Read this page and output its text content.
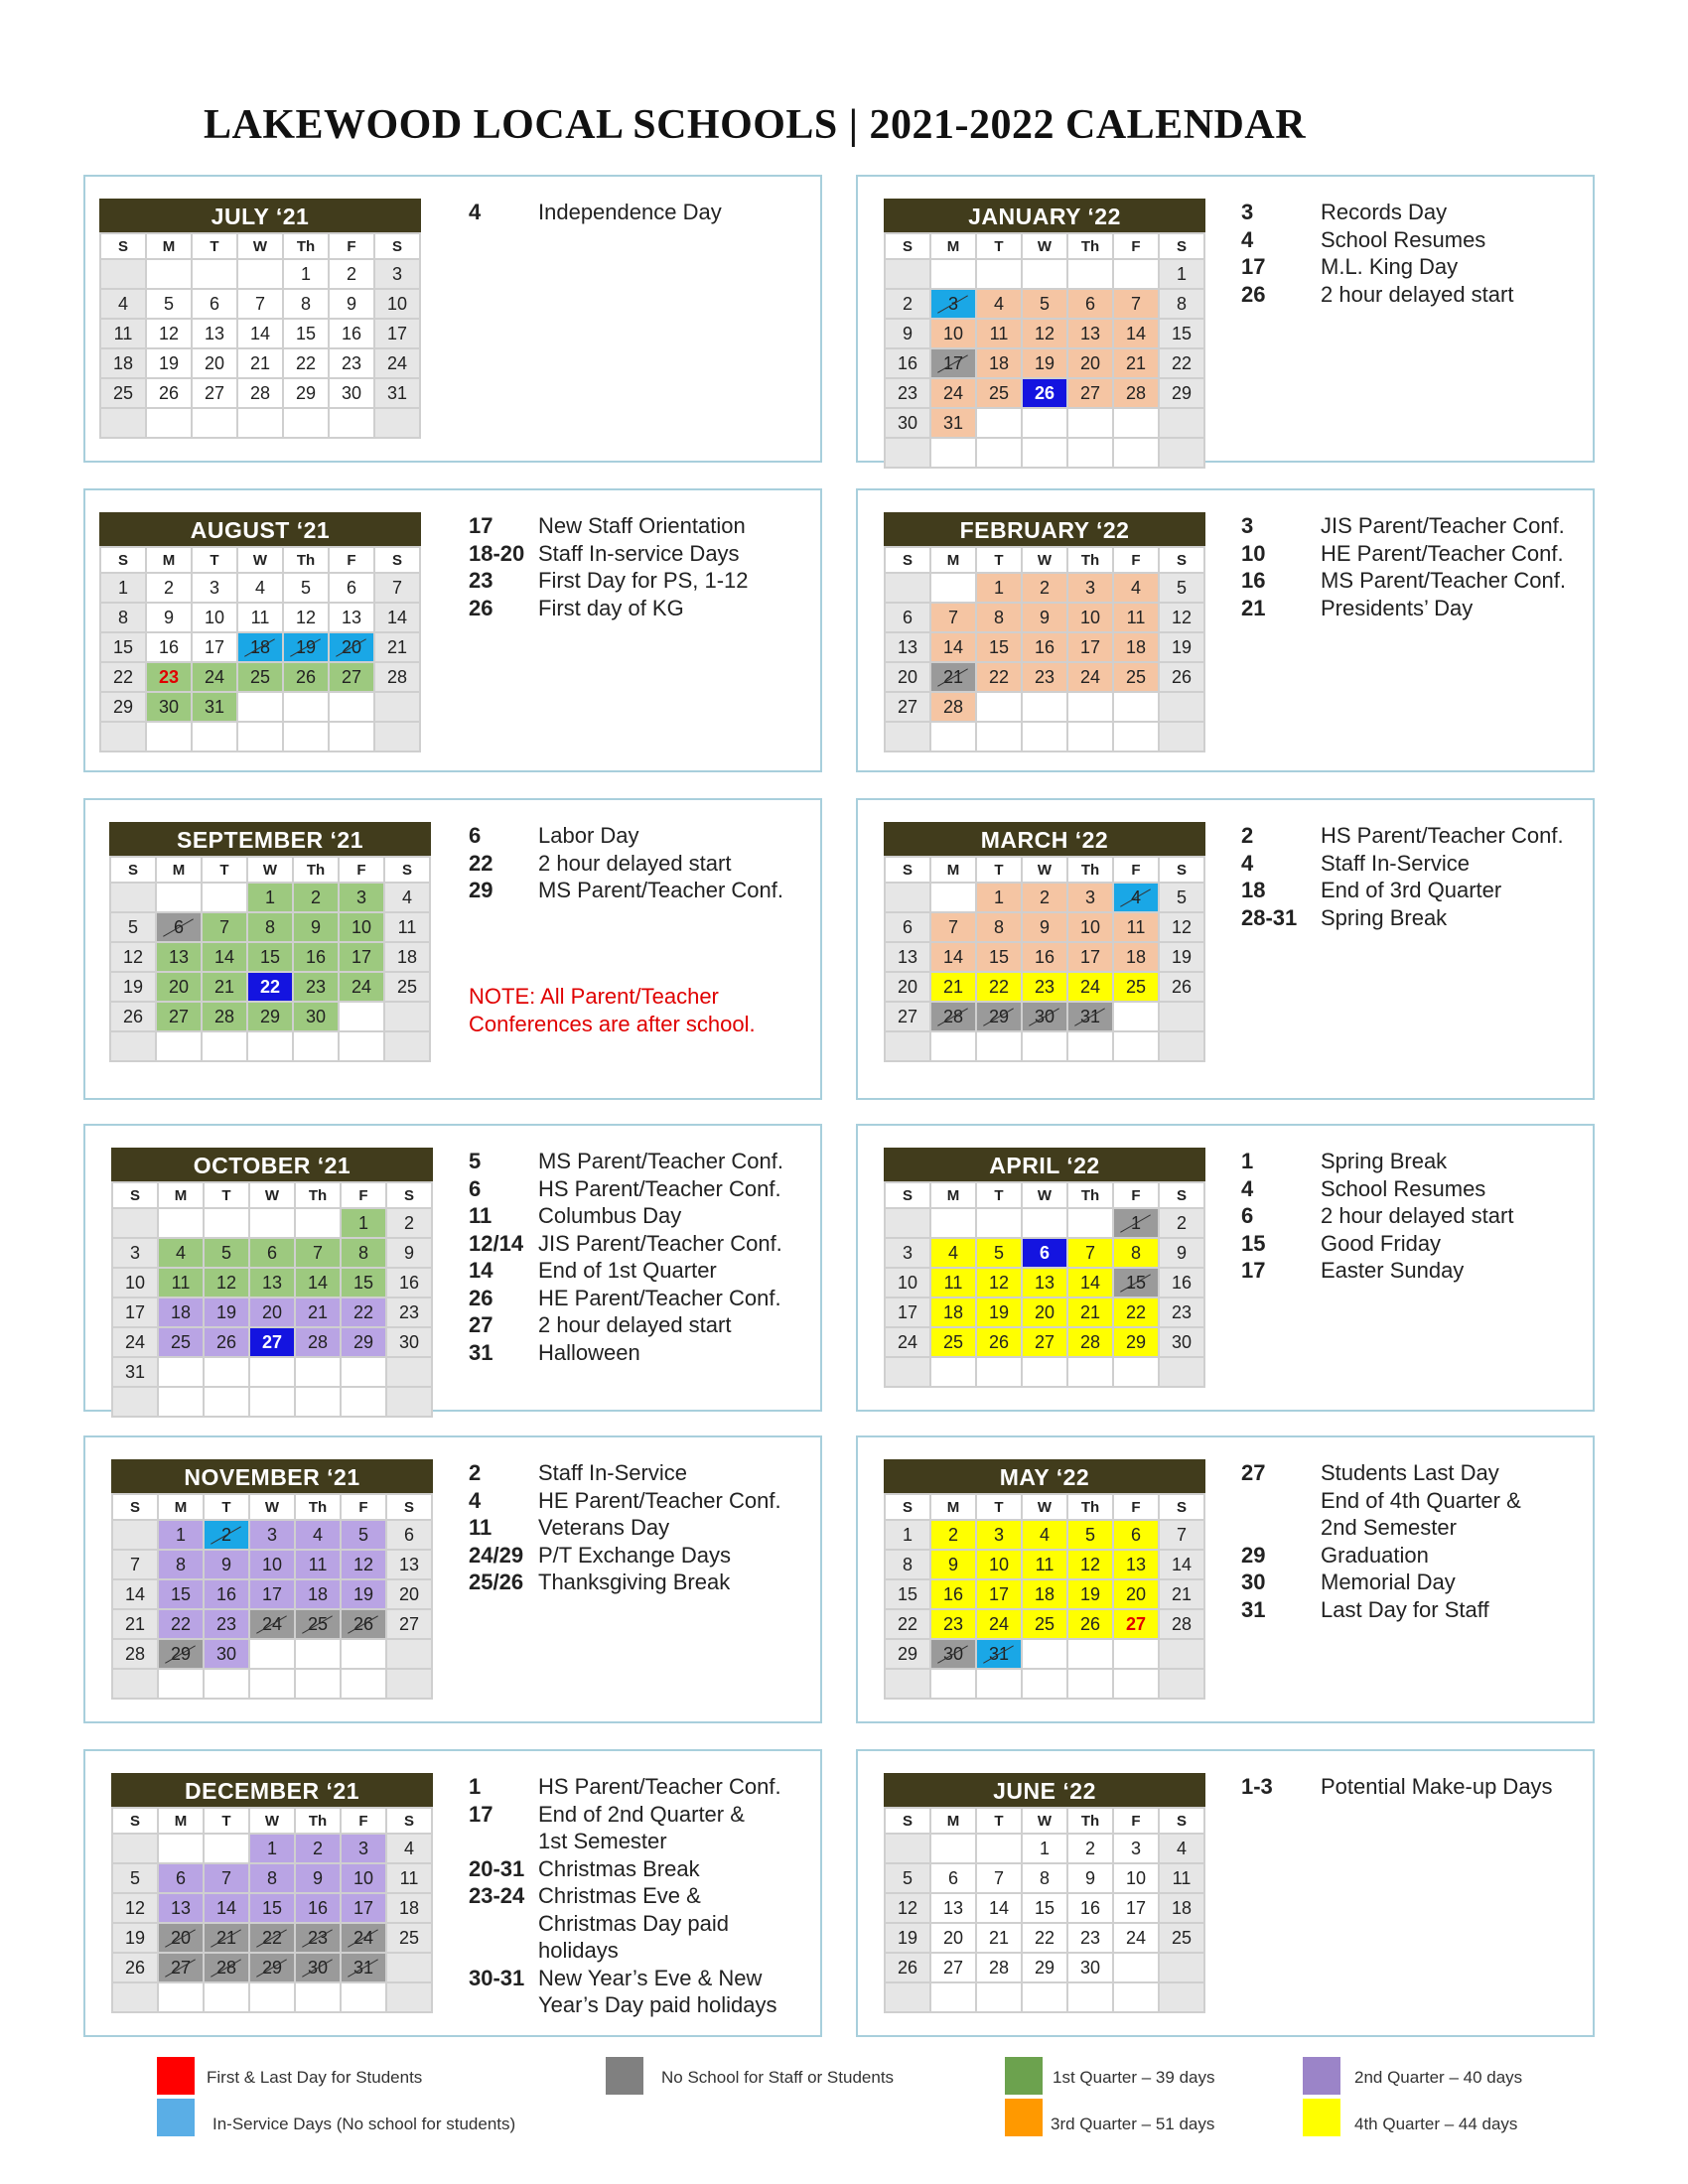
LAKEWOOD LOCAL SCHOOLS | 2021-2022 CALENDAR
JULY ‘21
S	M	T	W	Th	F	S
				1	2	3
4	5	6	7	8	9	10
11	12	13	14	15	16	17
18	19	20	21	22	23	24
25	26	27	28	29	30	31

4	Independence Day	JANUARY ‘22
S	M	T	W	Th	F	S
						1
2	3	4	5	6	7	8
9	10	11	12	13	14	15
16	17	18	19	20	21	22
23	24	25	26	27	28	29
30	31					

3	Records Day
4	School Resumes
17	M.L. King Day
26	2 hour delayed start
AUGUST ‘21
S	M	T	W	Th	F	S
1	2	3	4	5	6	7
8	9	10	11	12	13	14
15	16	17	18	19	20	21
22	23	24	25	26	27	28
29	30	31				

17	New Staff Orientation
18-20 Staff In-service Days
23	First Day for PS, 1-12
26	First day of KG
FEBRUARY ‘22
S	M	T	W	Th	F	S
		1	2	3	4	5
6	7	8	9	10	11	12
13	14	15	16	17	18	19
20	21	22	23	24	25	26
27	28					

3	JIS Parent/Teacher Conf.
10	HE Parent/Teacher Conf.
16	MS Parent/Teacher Conf.
21	Presidents’ Day
SEPTEMBER ‘21
S	M	T	W	Th	F	S
			1	2	3	4
5	6	7	8	9	10	11
12	13	14	15	16	17	18
19	20	21	22	23	24	25
26	27	28	29	30		

6	Labor Day
22	2 hour delayed start
29	MS Parent/Teacher Conf.
NOTE: All Parent/Teacher
Conferences are after school.
MARCH ‘22
S	M	T	W	Th	F	S
		1	2	3	4	5
6	7	8	9	10	11	12
13	14	15	16	17	18	19
20	21	22	23	24	25	26
27	28	29	30	31		

2	HS Parent/Teacher Conf.
4	Staff In-Service
18	End of 3rd Quarter
28-31	Spring Break
OCTOBER ‘21
S	M	T	W	Th	F	S
					1	2
3	4	5	6	7	8	9
10	11	12	13	14	15	16
17	18	19	20	21	22	23
24	25	26	27	28	29	30
31						

5	MS Parent/Teacher Conf.
6	HS Parent/Teacher Conf.
11	Columbus Day
12/14 JIS Parent/Teacher Conf.
14	End of 1st Quarter
26	HE Parent/Teacher Conf.
27	2 hour delayed start
31	Halloween
APRIL ‘22
S	M	T	W	Th	F	S
					1	2
3	4	5	6	7	8	9
10	11	12	13	14	15	16
17	18	19	20	21	22	23
24	25	26	27	28	29	30

1	Spring Break
4	School Resumes
6	2 hour delayed start
15	Good Friday
17	Easter Sunday
NOVEMBER ‘21
S	M	T	W	Th	F	S
	1	2	3	4	5	6
7	8	9	10	11	12	13
14	15	16	17	18	19	20
21	22	23	24	25	26	27
28	29	30				

2	Staff In-Service
4	HE Parent/Teacher Conf.
11	Veterans Day
24/29 P/T Exchange Days
25/26 Thanksgiving Break
MAY ‘22
S	M	T	W	Th	F	S
1	2	3	4	5	6	7
8	9	10	11	12	13	14
15	16	17	18	19	20	21
22	23	24	25	26	27	28
29	30	31				

27	Students Last Day
End of 4th Quarter &
2nd Semester
29	Graduation
30	Memorial Day
31	Last Day for Staff
DECEMBER ‘21
S	M	T	W	Th	F	S
			1	2	3	4
5	6	7	8	9	10	11
12	13	14	15	16	17	18
19	20	21	22	23	24	25
26	27	28	29	30	31	

1	HS Parent/Teacher Conf.
17	End of 2nd Quarter &
1st Semester
20-31 Christmas Break
23-24 Christmas Eve &
Christmas Day paid
holidays
30-31 New Year’s Eve & New
Year’s Day paid holidays
JUNE ‘22
S	M	T	W	Th	F	S
			1	2	3	4
5	6	7	8	9	10	11
12	13	14	15	16	17	18
19	20	21	22	23	24	25
26	27	28	29	30		

1-3	Potential Make-up Days
First & Last Day for Students
In-Service Days (No school for students)
No School for Staff or Students	1st Quarter – 39 days
3rd Quarter – 51 days
2nd Quarter – 40 days
4th Quarter – 44 days
